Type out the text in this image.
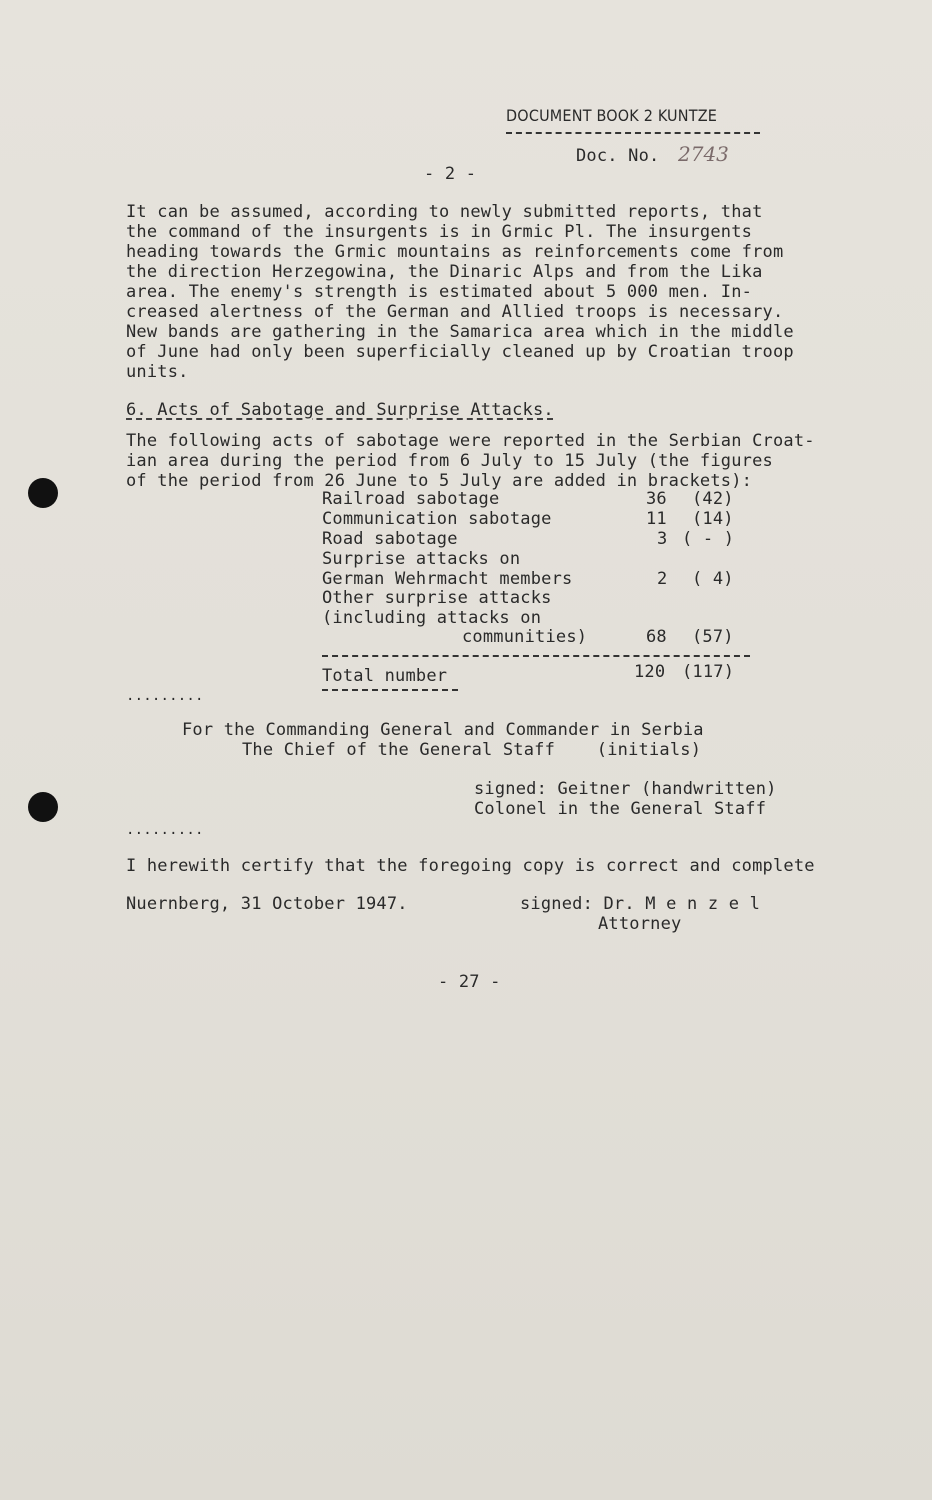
DOCUMENT BOOK 2 KUNTZE
Doc. No. 2743
- 2 -
It can be assumed, according to newly submitted reports, that
the command of the insurgents is in Grmic Pl. The insurgents
heading towards the Grmic mountains as reinforcements come from
the direction Herzegowina, the Dinaric Alps and from the Lika
area. The enemy's strength is estimated about 5 000 men. In-
creased alertness of the German and Allied troops is necessary.
New bands are gathering in the Samarica area which in the middle
of June had only been superficially cleaned up by Croatian troop
units.
6. Acts of Sabotage and Surprise Attacks.
The following acts of sabotage were reported in the Serbian Croat-
ian area during the period from 6 July to 15 July (the figures
of the period from 26 June to 5 July are added in brackets):
Railroad sabotage	36 (42)
Communication sabotage	11 (14)
Road sabotage	3 ( - )
Surprise attacks on
German Wehrmacht members	2 ( 4)
Other surprise attacks
(including attacks on
communities)	68 (57)
Total number	120 (117)
.........
For the Commanding General and Commander in Serbia
The Chief of the General Staff    (initials)
signed: Geitner (handwritten)
Colonel in the General Staff
.........
I herewith certify that the foregoing copy is correct and complete
Nuernberg, 31 October 1947.	signed: Dr. M e n z e l
Attorney
- 27 -
